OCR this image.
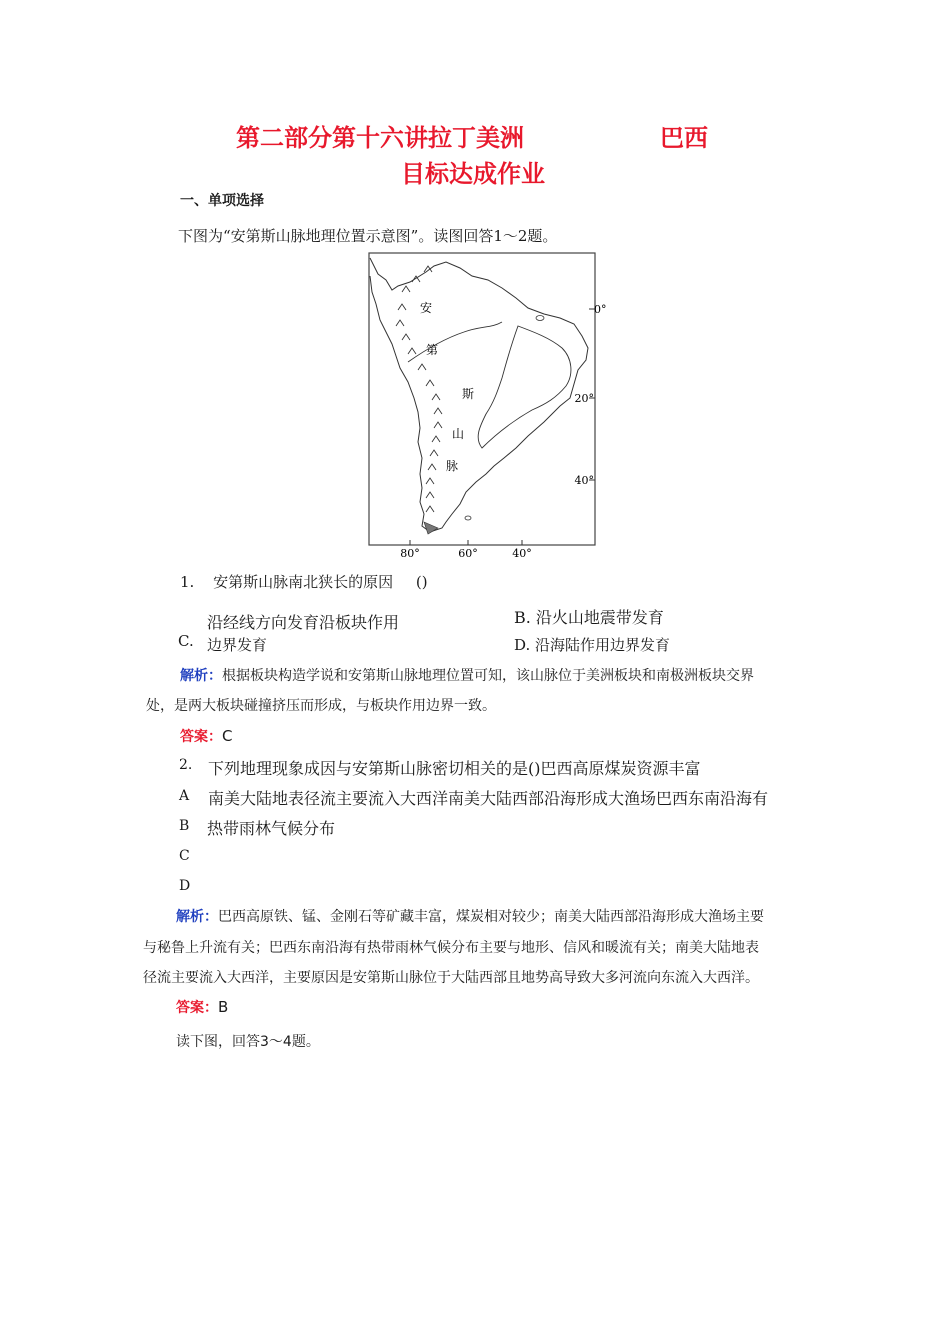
第二部分第十六讲拉丁美洲	巴西
目标达成作业
一、单项选择
下图为“安第斯山脉地理位置示意图”。读图回答1～2题。
安
第
斯
山
脉
0°
20°
40°
80°	60°	40°
1. 安第斯山脉南北狭长的原因 ()
沿经线方向发育沿板块作用	B. 沿火山地震带发育
C. 边界发育	D. 沿海陆作用边界发育
解析：根据板块构造学说和安第斯山脉地理位置可知，该山脉位于美洲板块和南极洲板块交界
处，是两大板块碰撞挤压而形成，与板块作用边界一致。
答案：C
2. 下列地理现象成因与安第斯山脉密切相关的是()巴西高原煤炭资源丰富
A 南美大陆地表径流主要流入大西洋南美大陆西部沿海形成大渔场巴西东南沿海有
B 热带雨林气候分布
C
D
解析：巴西高原铁、锰、金刚石等矿藏丰富，煤炭相对较少；南美大陆西部沿海形成大渔场主要
与秘鲁上升流有关；巴西东南沿海有热带雨林气候分布主要与地形、信风和暖流有关；南美大陆地表
径流主要流入大西洋，主要原因是安第斯山脉位于大陆西部且地势高导致大多河流向东流入大西洋。
答案：B
读下图，回答3～4题。
